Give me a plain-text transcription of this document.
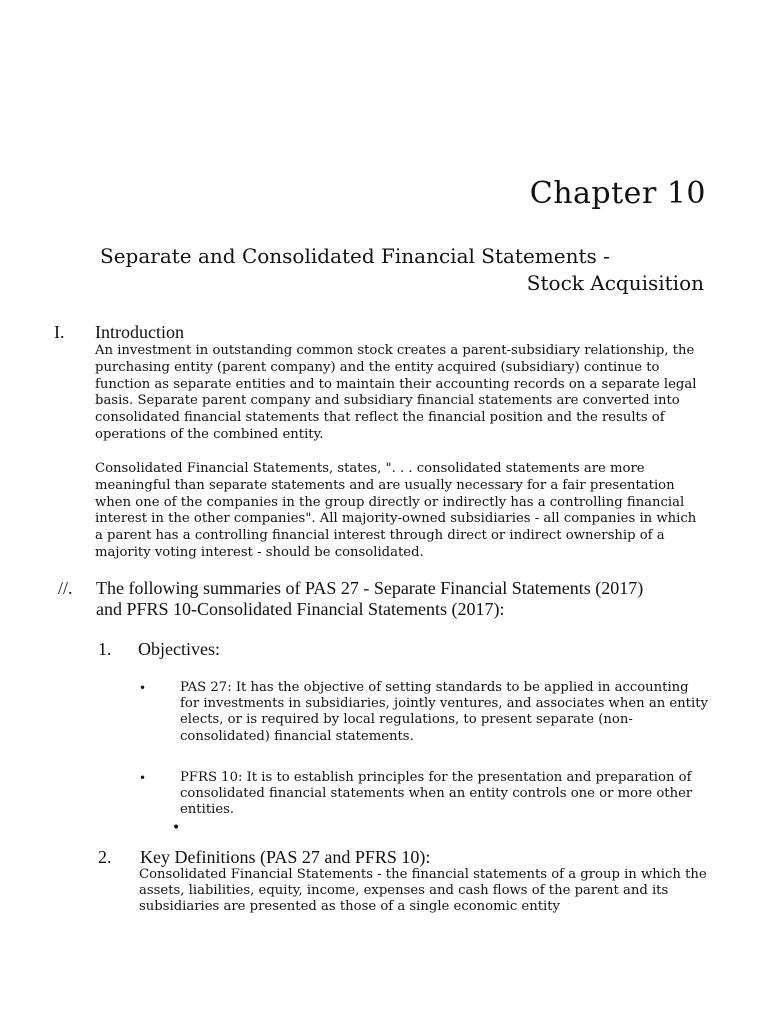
Chapter 10
Separate and Consolidated Financial Statements -
Stock Acquisition
I. Introduction
An investment in outstanding common stock creates a parent-subsidiary relationship, the purchasing entity (parent company) and the entity acquired (subsidiary) continue to function as separate entities and to maintain their accounting records on a separate legal basis. Separate parent company and subsidiary financial statements are converted into consolidated financial statements that reflect the financial position and the results of operations of the combined entity.
Consolidated Financial Statements, states, ". . . consolidated statements are more meaningful than separate statements and are usually necessary for a fair presentation when one of the companies in the group directly or indirectly has a controlling financial interest in the other companies". All majority-owned subsidiaries - all companies in which a parent has a controlling financial interest through direct or indirect ownership of a majority voting interest - should be consolidated.
//. The following summaries of PAS 27 - Separate Financial Statements (2017)
and PFRS 10-Consolidated Financial Statements (2017):
1. Objectives:
•	PAS 27: It has the objective of setting standards to be applied in accounting for investments in subsidiaries, jointly ventures, and associates when an entity elects, or is required by local regulations, to present separate (non-consolidated) financial statements.
•	PFRS 10: It is to establish principles for the presentation and preparation of consolidated financial statements when an entity controls one or more other entities.
•
2. Key Definitions (PAS 27 and PFRS 10):
Consolidated Financial Statements - the financial statements of a group in which the assets, liabilities, equity, income, expenses and cash flows of the parent and its subsidiaries are presented as those of a single economic entity
